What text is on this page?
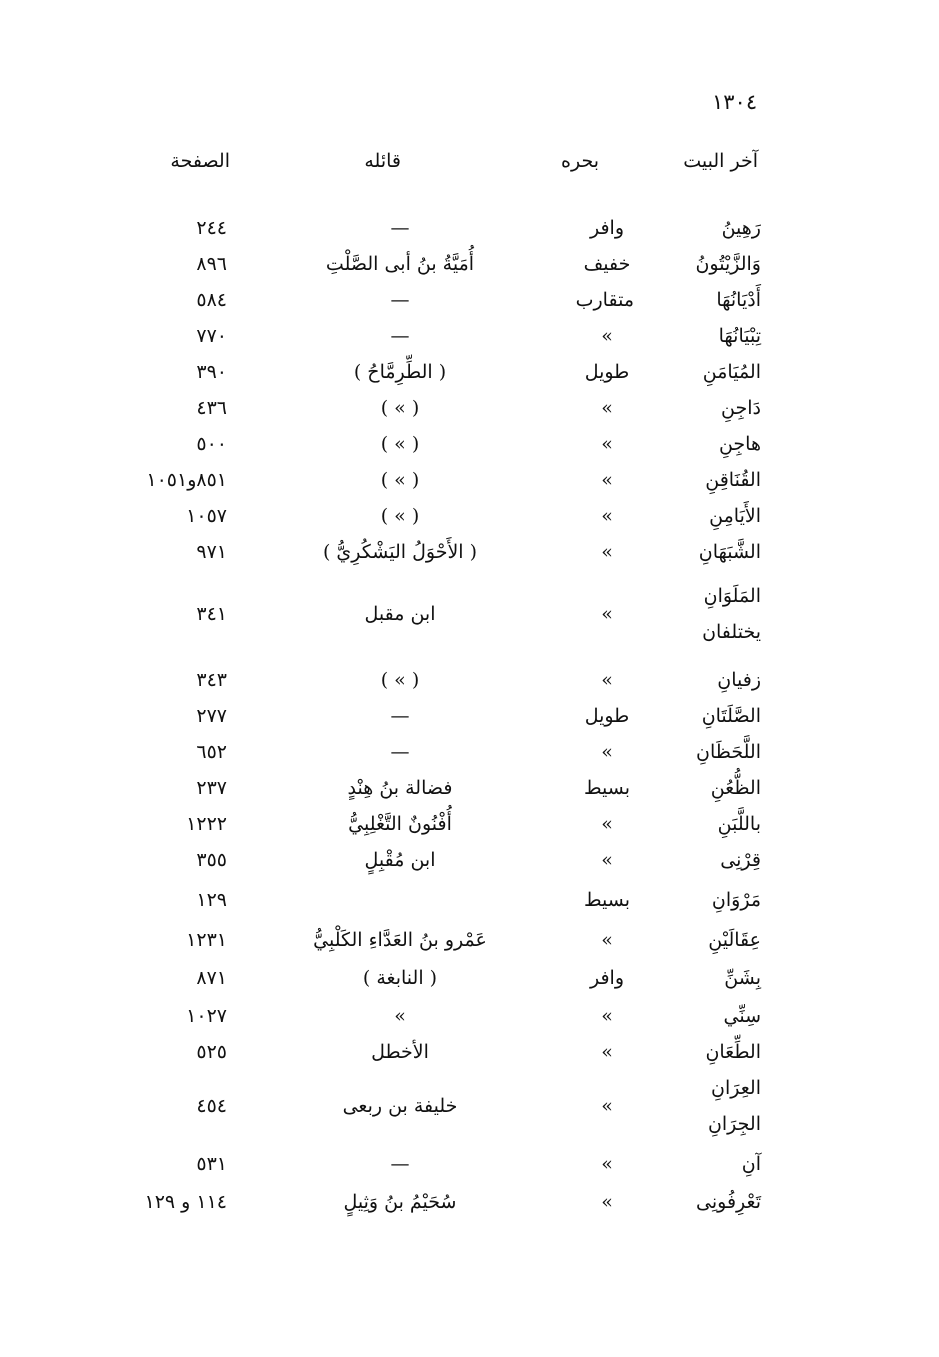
١٣٠٤
آخر البيت
بحره
قائله
الصفحة
رَهِينُ
وافر
—
٢٤٤
وَالزَّيْتُونُ
خفيف
أُمَيَّةُ بنُ أبى الصَّلْتِ
٨٩٦
أَدْيَانُهَا
متقارب
—
٥٨٤
تِبْيَانُهَا
»
—
٧٧٠
المُيَامَنِ
طويل
( الطِّرِمَّاحُ )
٣٩٠
دَاجِنِ
»
( » )
٤٣٦
هاجِنِ
»
( » )
٥٠٠
القُنَاقِنِ
»
( » )
٨٥١و١٠٥١
الأَيَامِنِ
»
( » )
١٠٥٧
الشَّبَهَانِ
»
( الأَحْوَلُ اليَشْكُرِيُّ )
٩٧١
المَلَوَانِ
يختلفان
»
ابن مقبل
٣٤١
زفيانِ
»
( » )
٣٤٣
الصَّلَتَانِ
طويل
—
٢٧٧
اللَّحَظَانِ
»
—
٦٥٢
الظُّعُنِ
بسيط
فضالة بنُ هِنْدٍ
٢٣٧
باللَّبَنِ
»
أُفْنُونٌ التَّغْلِبِيُّ
١٢٢٢
قِرْنِى
»
ابن مُقْبِلٍ
٣٥٥
مَرْوَانِ
بسيط
١٢٩
عِقَالَيْنِ
»
عَمْرو بنُ العَدَّاءِ الكَلْبِيُّ
١٢٣١
بِشَنِّ
وافر
( النابغة )
٨٧١
سِنِّي
»
»
١٠٢٧
الطِّعَانِ
»
الأخطل
٥٢٥
العِرَانِ
الجِرَانِ
»
خليفة بن ربعى
٤٥٤
آنِ
»
—
٥٣١
تَعْرِفُونِى
»
سُحَيْمُ بنُ وَثِيلٍ
١١٤ و ١٢٩
